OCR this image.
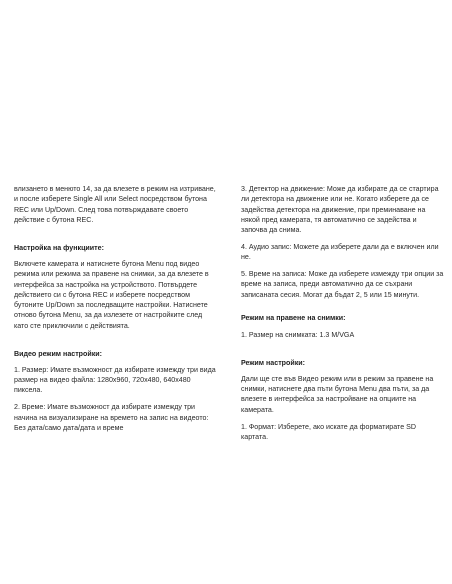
влизането в менюто 14, за да влезете в режим на изтриване, и после изберете Single All или Select посредством бутона REC или Up/Down. След това потвърждавате своето действие с бутона REC.

Настройка на функциите:

Включете камерата и натиснете бутона Menu под видео режима или режима за правене на снимки, за да влезете в интерфейса за настройка на устройството. Потвърдете действието си с бутона REC и изберете посредством бутоните Up/Down за последващите настройки. Натиснете отново бутона Menu, за да излезете от настройките след като сте приключили с действията.

Видео режим настройки:

1. Размер: Имате възможност да избирате измежду три вида размер на видео файла: 1280х960, 720х480, 640х480 пиксела.

2. Време: Имате възможност да избирате измежду три начина на визуализиране на времето на запис на видеото: Без дата/само дата/дата и време

3. Детектор на движение: Може да избирате да се стартира ли детектора на движение или не. Когато изберете да се задейства детектора на движение, при преминаване на някой пред камерата, тя автоматично се задейства и започва да снима.

4. Аудио запис: Можете да изберете дали да е включен или не.

5. Време на записа: Може да изберете измежду три опции за време на записа, преди автоматично да се съхрани записаната сесия. Могат да бъдат 2, 5 или 15 минути.

Режим на правене на снимки:

1. Размер на снимката: 1.3 M/VGA

Режим настройки:

Дали ще сте във Видео режим или в режим за правене на снимки, натиснете два пъти бутона Menu два пъти, за да влезете в интерфейса за настройване на опциите на камерата.

1. Формат: Изберете, ако искате да форматирате SD картата.
